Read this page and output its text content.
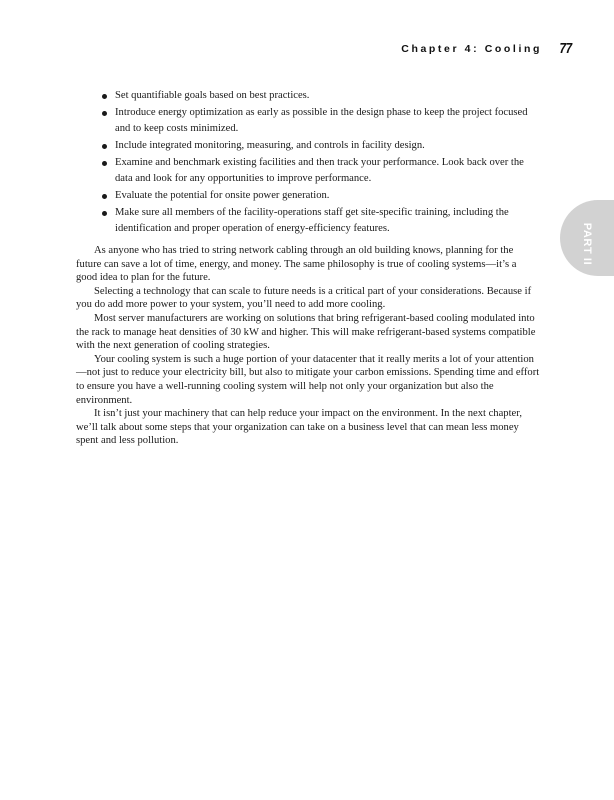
Chapter 4: Cooling 77
PART II
Set quantifiable goals based on best practices.
Introduce energy optimization as early as possible in the design phase to keep the project focused and to keep costs minimized.
Include integrated monitoring, measuring, and controls in facility design.
Examine and benchmark existing facilities and then track your performance. Look back over the data and look for any opportunities to improve performance.
Evaluate the potential for onsite power generation.
Make sure all members of the facility-operations staff get site-specific training, including the identification and proper operation of energy-efficiency features.

As anyone who has tried to string network cabling through an old building knows, planning for the future can save a lot of time, energy, and money. The same philosophy is true of cooling systems—it’s a good idea to plan for the future.

Selecting a technology that can scale to future needs is a critical part of your considerations. Because if you do add more power to your system, you’ll need to add more cooling.

Most server manufacturers are working on solutions that bring refrigerant-based cooling modulated into the rack to manage heat densities of 30 kW and higher. This will make refrigerant-based systems compatible with the next generation of cooling strategies.

Your cooling system is such a huge portion of your datacenter that it really merits a lot of your attention—not just to reduce your electricity bill, but also to mitigate your carbon emissions. Spending time and effort to ensure you have a well-running cooling system will help not only your organization but also the environment.

It isn’t just your machinery that can help reduce your impact on the environment. In the next chapter, we’ll talk about some steps that your organization can take on a business level that can mean less money spent and less pollution.
